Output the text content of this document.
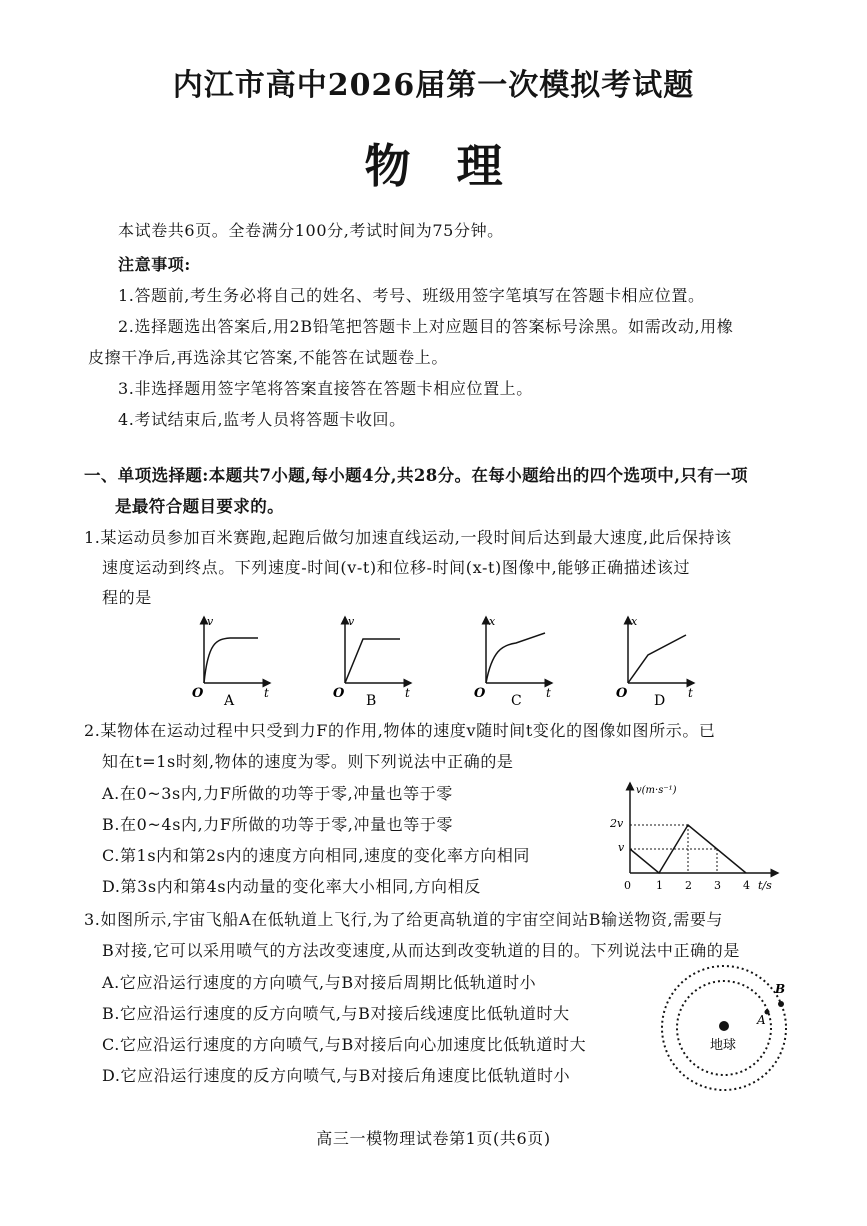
内江市高中2026届第一次模拟考试题
物　理
本试卷共6页。全卷满分100分,考试时间为75分钟。
注意事项:
1.答题前,考生务必将自己的姓名、考号、班级用签字笔填写在答题卡相应位置。
2.选择题选出答案后,用2B铅笔把答题卡上对应题目的答案标号涂黑。如需改动,用橡
皮擦干净后,再选涂其它答案,不能答在试题卷上。
3.非选择题用签字笔将答案直接答在答题卡相应位置上。
4.考试结束后,监考人员将答题卡收回。
一、单项选择题:本题共7小题,每小题4分,共28分。在每小题给出的四个选项中,只有一项
是最符合题目要求的。
1.某运动员参加百米赛跑,起跑后做匀加速直线运动,一段时间后达到最大速度,此后保持该
速度运动到终点。下列速度-时间(v-t)和位移-时间(x-t)图像中,能够正确描述该过
程的是
v
t
O A
v
t
O B
x
t
O C
x
t
O D
2.某物体在运动过程中只受到力F的作用,物体的速度v随时间t变化的图像如图所示。已
知在t=1s时刻,物体的速度为零。则下列说法中正确的是
A.在0~3s内,力F所做的功等于零,冲量也等于零
B.在0~4s内,力F所做的功等于零,冲量也等于零
C.第1s内和第2s内的速度方向相同,速度的变化率方向相同
D.第3s内和第4s内动量的变化率大小相同,方向相反
v(m·s⁻¹)
t/s
2v
v
0 1 2 3 4
3.如图所示,宇宙飞船A在低轨道上飞行,为了给更高轨道的宇宙空间站B输送物资,需要与
B对接,它可以采用喷气的方法改变速度,从而达到改变轨道的目的。下列说法中正确的是
A.它应沿运行速度的方向喷气,与B对接后周期比低轨道时小
B.它应沿运行速度的反方向喷气,与B对接后线速度比低轨道时大
C.它应沿运行速度的方向喷气,与B对接后向心加速度比低轨道时大
D.它应沿运行速度的反方向喷气,与B对接后角速度比低轨道时小
地球
B
A
高三一模物理试卷第1页(共6页)
